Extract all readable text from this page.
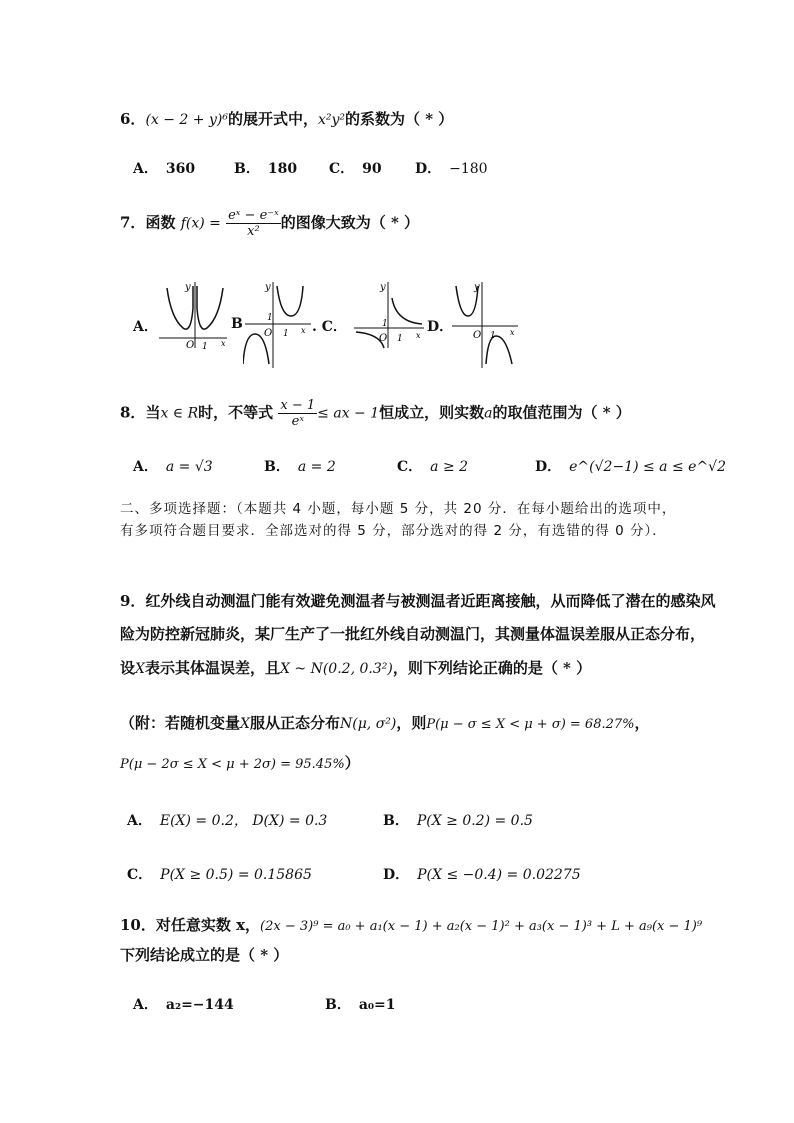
6．(x − 2 + y)⁶的展开式中，x²y²的系数为（ * ）
A． 360	B． 180	C． 90	D． −180
7．函数 $f(x) = \frac{\text{eˣ − e⁻ˣ}}{\text{x²}}$ 的图像大致为（ * ）
A．	B	. C．	D．
y
O 1 x
y
O
1
1 x
y
O
1
1 x
y
O 1 x
8．当x ∈ R时，不等式 $\frac{x - 1}{\text{eˣ}}$ ≤ ax − 1恒成立，则实数a的取值范围为（ * ）
A． a = √3	B． a = 2	C． a ≥ 2	D． e^(√2−1) ≤ a ≤ e^√2
二、多项选择题：（本题共 4 小题，每小题 5 分，共 20 分．在每小题给出的选项中，有多项符合题目要求．全部选对的得 5 分，部分选对的得 2 分，有选错的得 0 分）．
9．红外线自动测温门能有效避免测温者与被测温者近距离接触，从而降低了潜在的感染风
险为防控新冠肺炎，某厂生产了一批红外线自动测温门，其测量体温误差服从正态分布，
设X表示其体温误差，且X ~ N(0.2, 0.3²)，则下列结论正确的是（ * ）
（附：若随机变量X服从正态分布N(μ, σ²)，则P(μ − σ ≤ X < μ + σ) = 68.27%，
P(μ − 2σ ≤ X < μ + 2σ) = 95.45%）
A． E(X) = 0.2， D(X) = 0.3	B． P(X ≥ 0.2) = 0.5
C． P(X ≥ 0.5) = 0.15865	D． P(X ≤ −0.4) = 0.02275
10．对任意实数 x，(2x − 3)⁹ = a₀ + a₁(x − 1) + a₂(x − 1)² + a₃(x − 1)³ + L + a₉(x − 1)⁹
下列结论成立的是（ * ）
A． a₂=−144	B． a₀=1
